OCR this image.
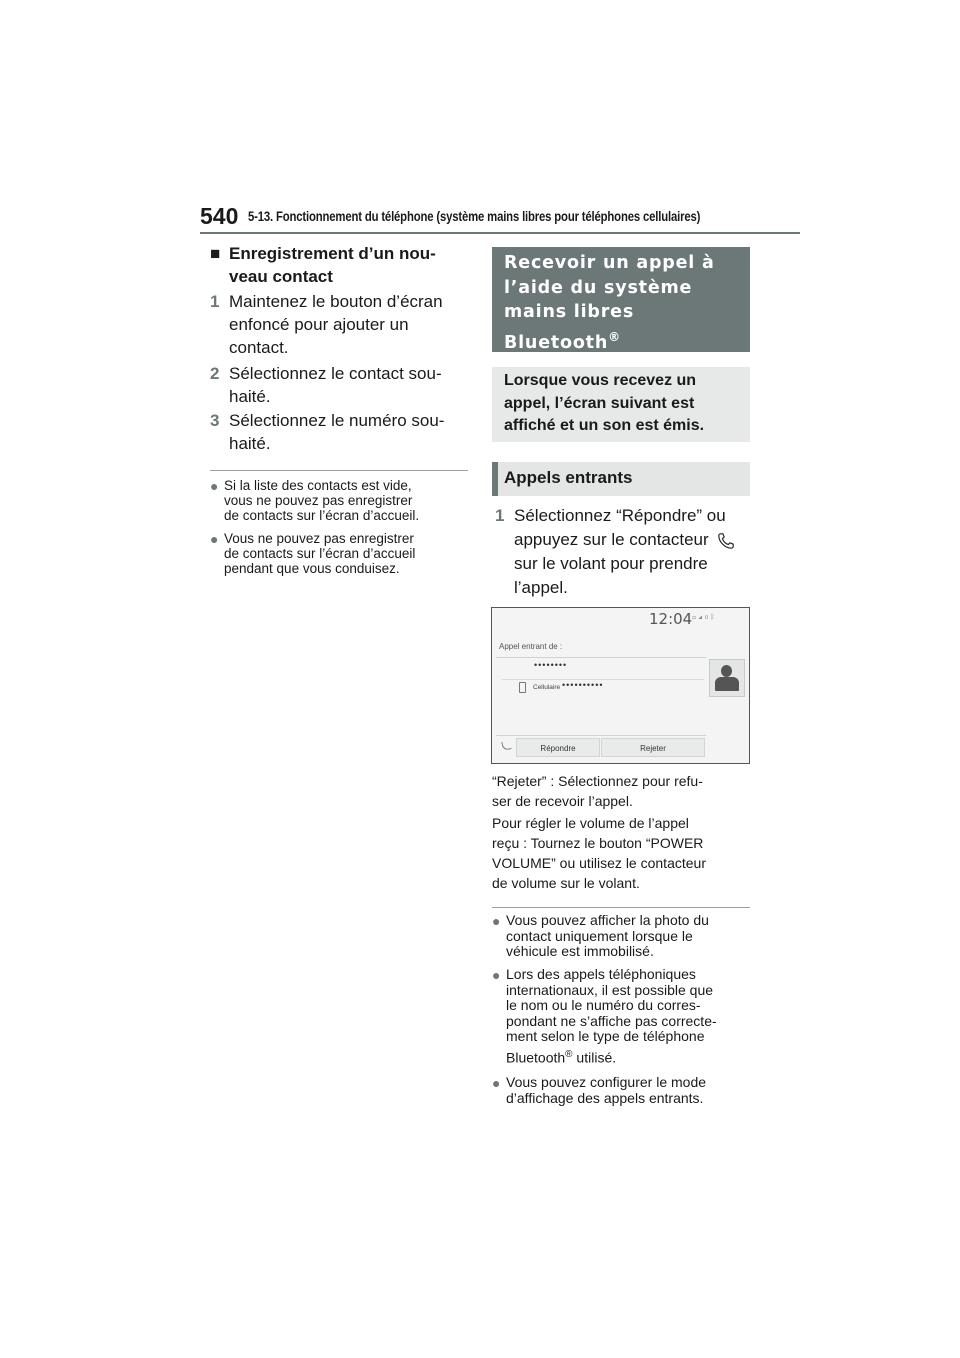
540 5-13. Fonctionnement du téléphone (système mains libres pour téléphones cellulaires)
■ Enregistrement d’un nou-
veau contact
1 Maintenez le bouton d’écran
enfoncé pour ajouter un
contact.
2 Sélectionnez le contact sou-
haité.
3 Sélectionnez le numéro sou-
haité.
● Si la liste des contacts est vide,
vous ne pouvez pas enregistrer
de contacts sur l’écran d’accueil.
● Vous ne pouvez pas enregistrer
de contacts sur l’écran d’accueil
pendant que vous conduisez.
Recevoir un appel à
l’aide du système
mains libres
Bluetooth®
Lorsque vous recevez un
appel, l’écran suivant est
affiché et un son est émis.
Appels entrants
1 Sélectionnez “Répondre” ou
appuyez sur le contacteur
sur le volant pour prendre
l’appel.
12:04 ▭ ◢ ▯ ᛒ
Appel entrant de :
••••••••
Cellulaire ••••••••••
Répondre	Rejeter
“Rejeter” : Sélectionnez pour refu-
ser de recevoir l’appel.
Pour régler le volume de l’appel
reçu : Tournez le bouton “POWER
VOLUME” ou utilisez le contacteur
de volume sur le volant.
● Vous pouvez afficher la photo du
contact uniquement lorsque le
véhicule est immobilisé.
● Lors des appels téléphoniques
internationaux, il est possible que
le nom ou le numéro du corres-
pondant ne s’affiche pas correcte-
ment selon le type de téléphone
Bluetooth® utilisé.
● Vous pouvez configurer le mode
d’affichage des appels entrants.
